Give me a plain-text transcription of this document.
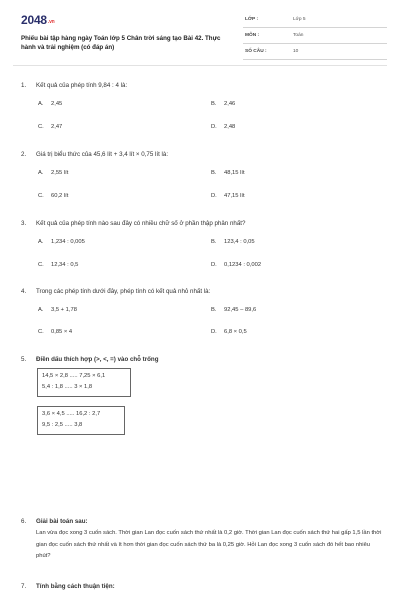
2048.vn
Phiếu bài tập hàng ngày Toán lớp 5 Chân trời sáng tạo Bài 42. Thực hành và trải nghiệm (có đáp án)
LỚP :	Lớp 5
MÔN :	Toán
SỐ CÂU :	10
1. Kết quả của phép tính 9,84 : 4 là:
A. 2,45	B. 2,46
C. 2,47	D. 2,48
2. Giá trị biểu thức của 45,6 lít + 3,4 lít × 0,75 lít là:
A. 2,55 lít	B. 48,15 lít
C. 60,2 lít	D. 47,15 lít
3. Kết quả của phép tính nào sau đây có nhiều chữ số ở phần thập phân nhất?
A. 1,234 : 0,005	B. 123,4 : 0,05
C. 12,34 : 0,5	D. 0,1234 : 0,002
4. Trong các phép tính dưới đây, phép tính có kết quả nhỏ nhất là:
A. 3,5 + 1,78	B. 92,45 – 89,6
C. 0,85 × 4	D. 6,8 × 0,5
5. Điền dấu thích hợp (>, <, =) vào chỗ trống
14,5 × 2,8 ..... 7,25 × 6,1
5,4 : 1,8 ..... 3 × 1,8
3,6 × 4,5 ..... 16,2 : 2,7
9,5 : 2,5 ..... 3,8
6. Giải bài toán sau:
Lan vừa đọc xong 3 cuốn sách. Thời gian Lan đọc cuốn sách thứ nhất là 0,2 giờ. Thời gian Lan đọc cuốn sách thứ hai gấp 1,5 lần thời gian đọc cuốn sách thứ nhất và ít hơn thời gian đọc cuốn sách thứ ba là 0,25 giờ. Hỏi Lan đọc xong 3 cuốn sách đó hết bao nhiêu phút?
7. Tính bằng cách thuận tiện:
